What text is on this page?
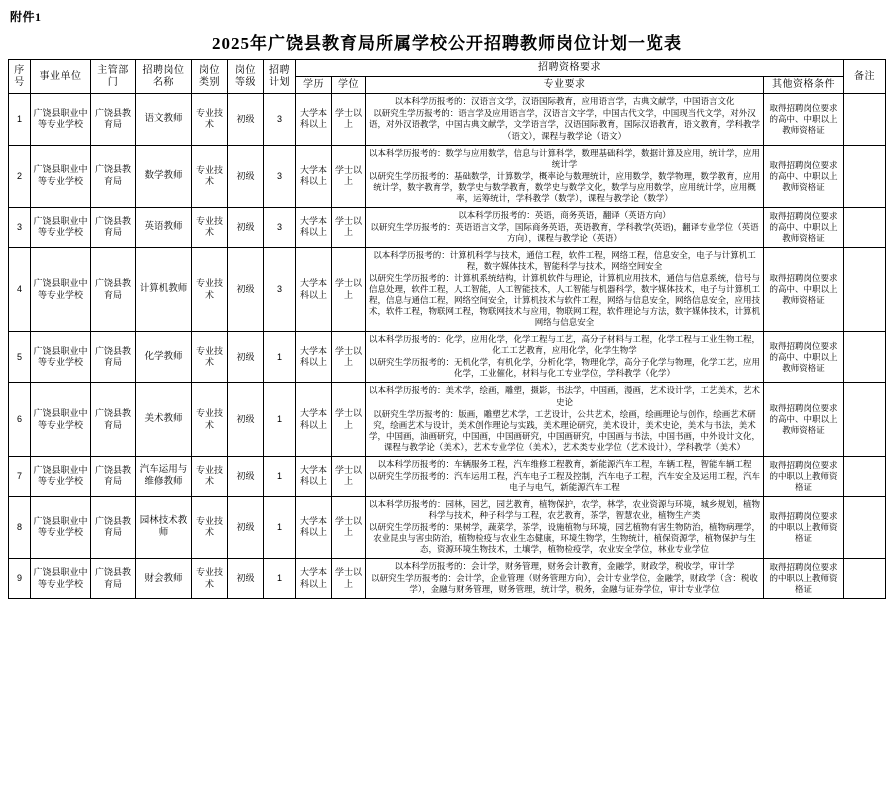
附件1
2025年广饶县教育局所属学校公开招聘教师岗位计划一览表
序号	事业单位	主管部门	招聘岗位名称	岗位类别	岗位等级	招聘计划	招聘资格要求				备注
							学历	学位	专业要求	其他资格条件	
1	广饶县职业中等专业学校	广饶县教育局	语文教师	专业技术	初级	3	大学本科以上	学士以上	以本科学历报考的：汉语言文学，汉语国际教育，应用语言学，古典文献学，中国语言文化
以研究生学历报考的：语言学及应用语言学，汉语言文字学，中国古代文学，中国现当代文学，对外汉语，对外汉语教学，中国古典文献学，文学语言学，汉语国际教育，国际汉语教育，语文教育，学科教学（语文），课程与教学论（语文）	取得招聘岗位要求的高中、中职以上教师资格证	
2	广饶县职业中等专业学校	广饶县教育局	数学教师	专业技术	初级	3	大学本科以上	学士以上	以本科学历报考的：数学与应用数学，信息与计算科学，数理基础科学，数据计算及应用，统计学，应用统计学
以研究生学历报考的：基础数学，计算数学，概率论与数理统计，应用数学，数学物理，数学教育，应用统计学，数字教育学，数学史与数学教育，数学史与数学文化，数学与应用数学，应用统计学，应用概率，运筹统计，学科教学（数学），课程与教学论（数学）	取得招聘岗位要求的高中、中职以上教师资格证	
3	广饶县职业中等专业学校	广饶县教育局	英语教师	专业技术	初级	3	大学本科以上	学士以上	以本科学历报考的：英语，商务英语，翻译（英语方向）
以研究生学历报考的：英语语言文学，国际商务英语，英语教育，学科教学(英语)，翻译专业学位（英语方向），课程与教学论（英语）	取得招聘岗位要求的高中、中职以上教师资格证	
4	广饶县职业中等专业学校	广饶县教育局	计算机教师	专业技术	初级	3	大学本科以上	学士以上	以本科学历报考的：计算机科学与技术，通信工程，软件工程，网络工程，信息安全，电子与计算机工程，数字媒体技术，智能科学与技术，网络空间安全
以研究生学历报考的：计算机系统结构，计算机软件与理论，计算机应用技术，通信与信息系统，信号与信息处理，软件工程，人工智能，人工智能技术，人工智能与机器科学，数字媒体技术，电子与计算机工程，信息与通信工程，网络空间安全，计算机技术与软件工程，网络与信息安全，网络信息安全，应用技术，软件工程，物联网工程，物联网技术与应用，物联网工程，软件理论与方法，数字媒体技术，计算机网络与信息安全	取得招聘岗位要求的高中、中职以上教师资格证	
5	广饶县职业中等专业学校	广饶县教育局	化学教师	专业技术	初级	1	大学本科以上	学士以上	以本科学历报考的：化学，应用化学，化学工程与工艺，高分子材料与工程，化学工程与工业生物工程，化工工艺教育，应用化学，化学生物学
以研究生学历报考的：无机化学，有机化学，分析化学，物理化学，高分子化学与物理，化学工艺，应用化学，工业催化，材料与化工专业学位，学科教学（化学）	取得招聘岗位要求的高中、中职以上教师资格证	
6	广饶县职业中等专业学校	广饶县教育局	美术教师	专业技术	初级	1	大学本科以上	学士以上	以本科学历报考的：美术学，绘画，雕塑，摄影，书法学，中国画，漫画，艺术设计学，工艺美术，艺术史论
以研究生学历报考的：版画，雕塑艺术学，工艺设计，公共艺术，绘画，绘画理论与创作，绘画艺术研究，绘画艺术与设计，美术创作理论与实践，美术理论研究，美术设计，美术史论，美术与书法，美术学，中国画，油画研究，中国画，中国画研究，中国画研究，中国画与书法，中国书画，中外设计文化，课程与教学论（美术），艺术专业学位（美术），艺术类专业学位（艺术设计），学科教学（美术）	取得招聘岗位要求的高中、中职以上教师资格证	
7	广饶县职业中等专业学校	广饶县教育局	汽车运用与维修教师	专业技术	初级	1	大学本科以上	学士以上	以本科学历报考的：车辆服务工程，汽车维修工程教育，新能源汽车工程，车辆工程，智能车辆工程
以研究生学历报考的：汽车运用工程，汽车电子工程及控制，汽车电子工程，汽车安全及运用工程，汽车电子与电气，新能源汽车工程	取得招聘岗位要求的中职以上教师资格证	
8	广饶县职业中等专业学校	广饶县教育局	园林技术教师	专业技术	初级	1	大学本科以上	学士以上	以本科学历报考的：园林，园艺，园艺教育，植物保护，农学，林学，农业资源与环境，城乡规划，植物科学与技术，种子科学与工程，农艺教育，茶学，智慧农业，植物生产类
以研究生学历报考的：果树学，蔬菜学，茶学，设施植物与环境，园艺植物有害生物防治，植物病理学，农业昆虫与害虫防治，植物检疫与农业生态健康，环境生物学，生物统计，植保资源学，植物保护与生态，资源环境生物技术，土壤学，植物检疫学，农业安全学位，林业专业学位	取得招聘岗位要求的中职以上教师资格证	
9	广饶县职业中等专业学校	广饶县教育局	财会教师	专业技术	初级	1	大学本科以上	学士以上	以本科学历报考的：会计学，财务管理，财务会计教育，金融学，财政学，税收学，审计学
以研究生学历报考的：会计学，企业管理（财务管理方向），会计专业学位，金融学，财政学（含：税收学），金融与财务管理，财务管理，统计学，税务，金融与证券学位，审计专业学位	取得招聘岗位要求的中职以上教师资格证	
